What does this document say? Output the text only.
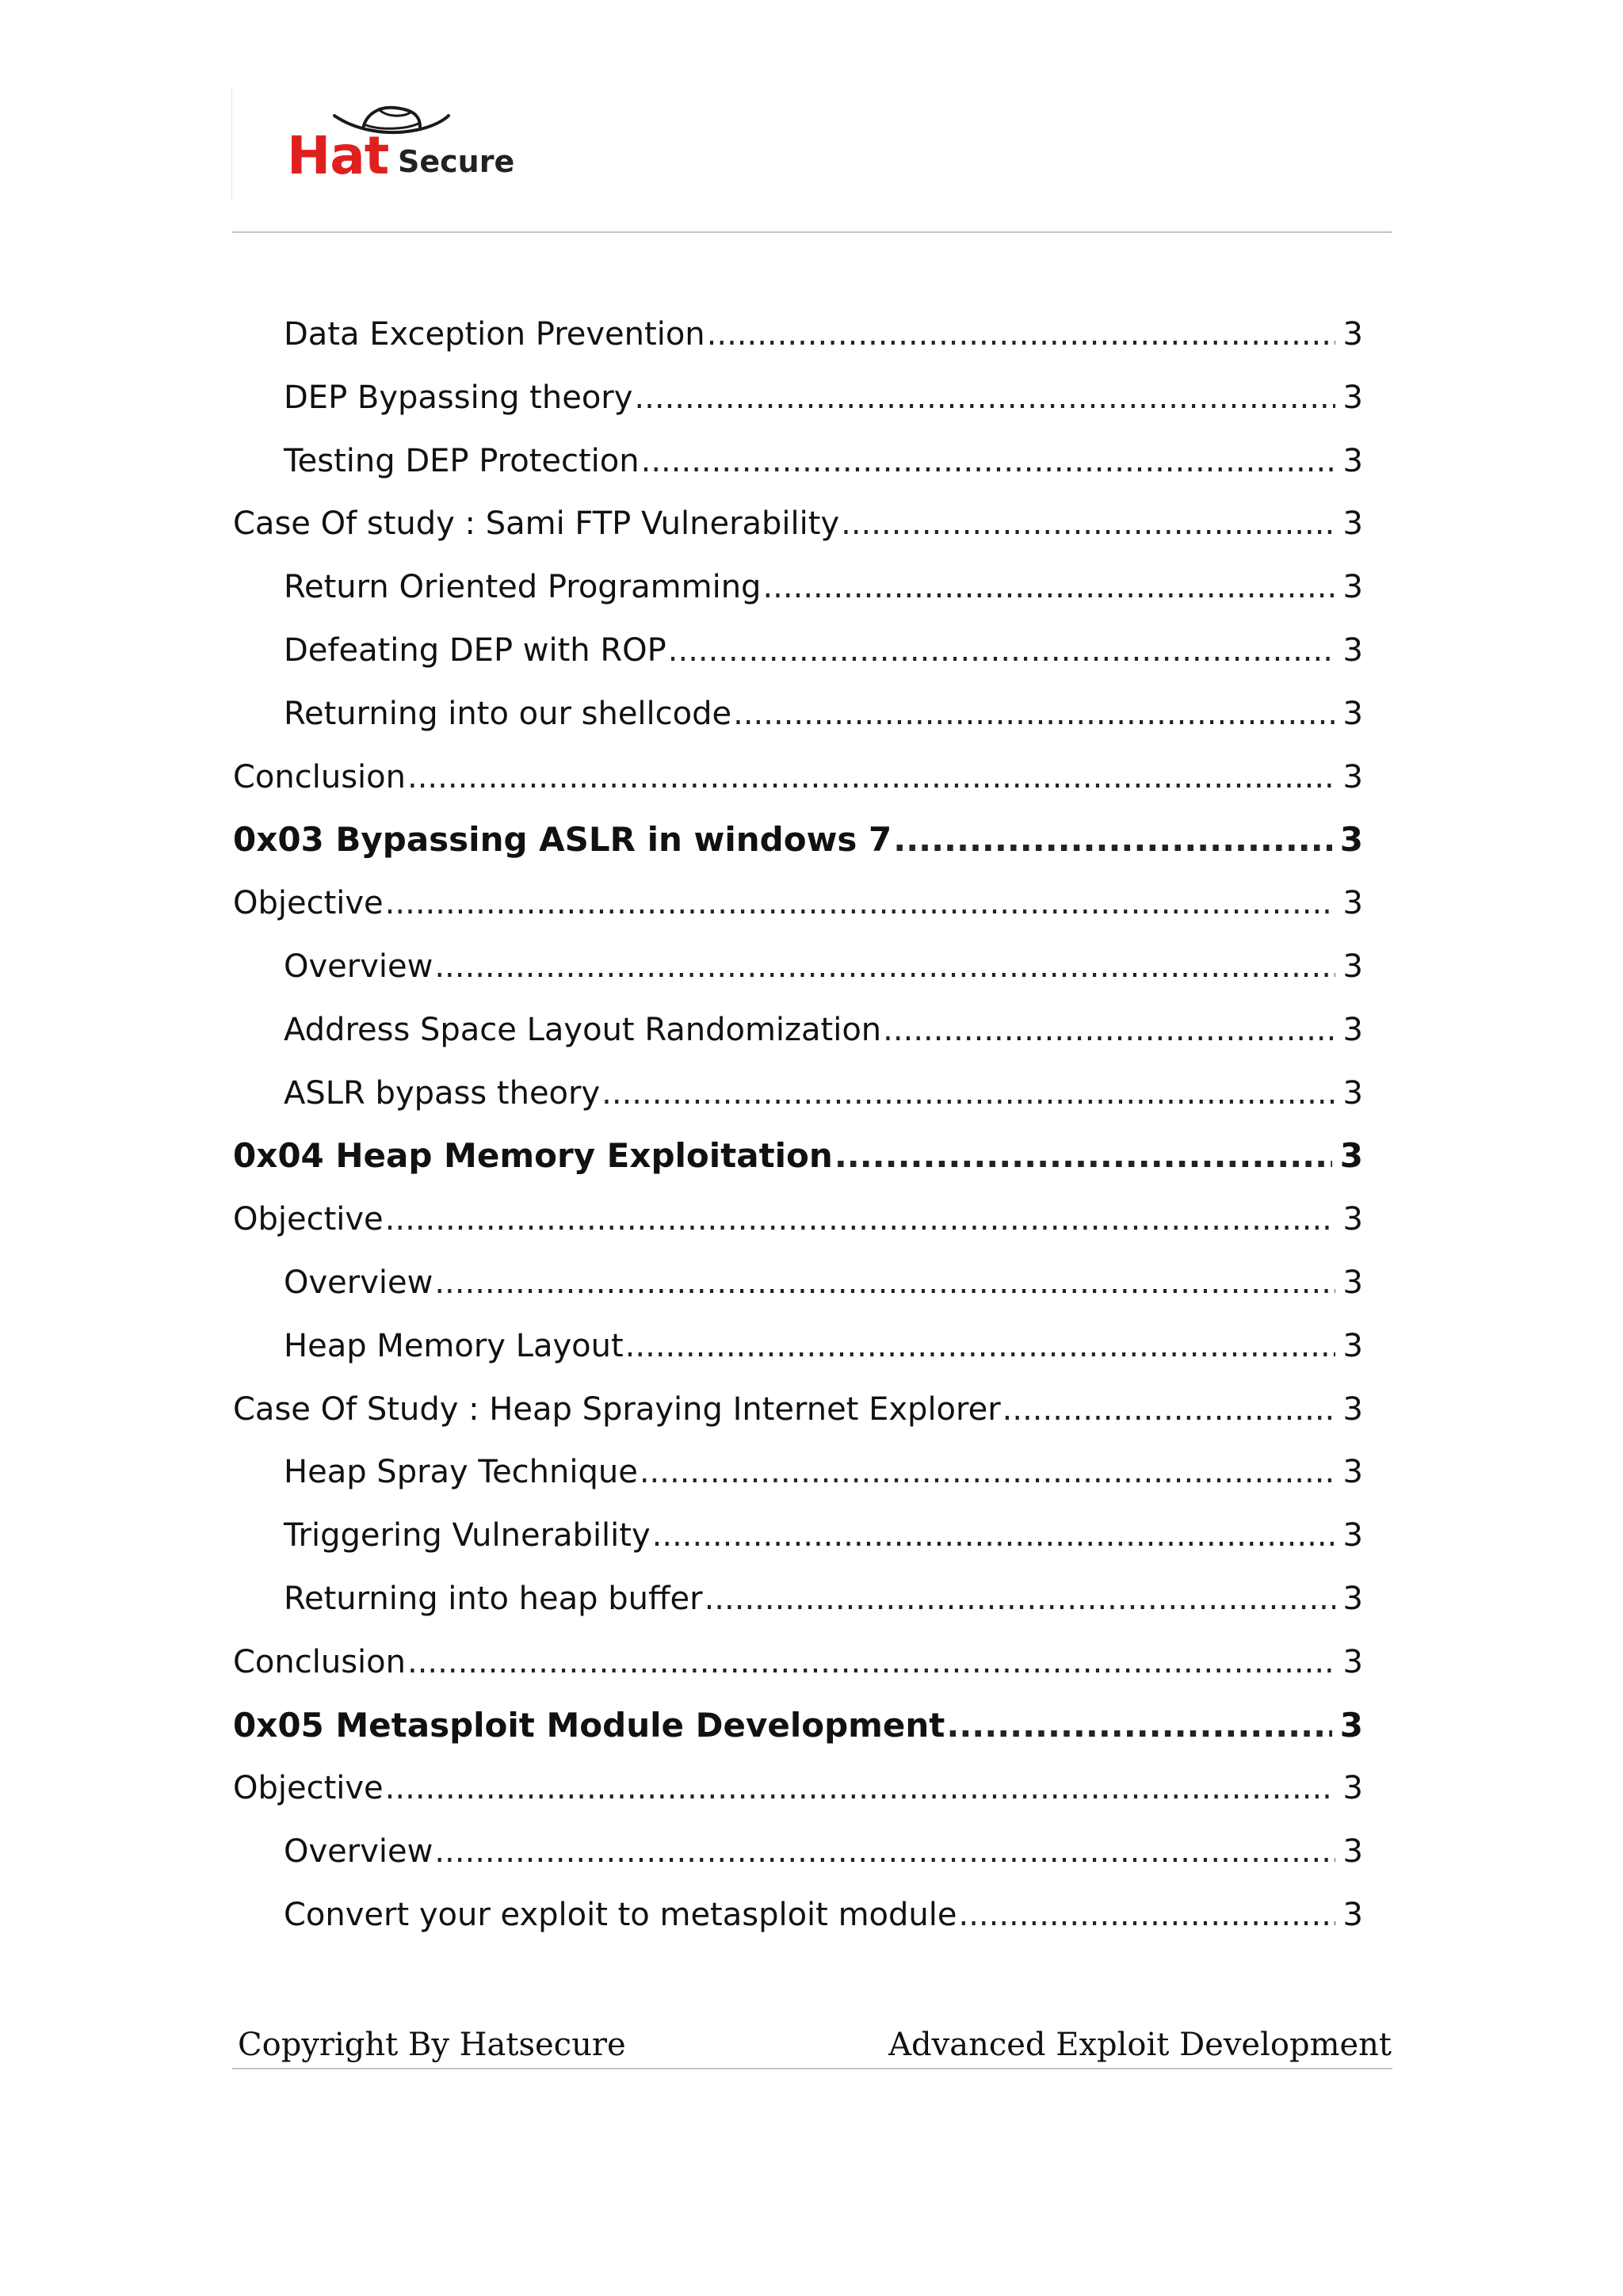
Hat Secure
Data Exception Prevention .....	3
DEP Bypassing theory .....	3
Testing DEP Protection .....	3
Case Of study : Sami FTP Vulnerability .....	3
Return Oriented Programming .....	3
Defeating DEP with ROP .....	3
Returning into our shellcode .....	3
Conclusion .....	3
0x03 Bypassing ASLR in windows 7 .....	3
Objective .....	3
Overview .....	3
Address Space Layout Randomization .....	3
ASLR bypass theory .....	3
0x04 Heap Memory Exploitation .....	3
Objective .....	3
Overview .....	3
Heap Memory Layout .....	3
Case Of Study : Heap Spraying Internet Explorer .....	3
Heap Spray Technique .....	3
Triggering Vulnerability .....	3
Returning into heap buffer .....	3
Conclusion .....	3
0x05 Metasploit Module Development .....	3
Objective .....	3
Overview .....	3
Convert your exploit to metasploit module .....	3
Copyright By Hatsecure	Advanced Exploit Development
